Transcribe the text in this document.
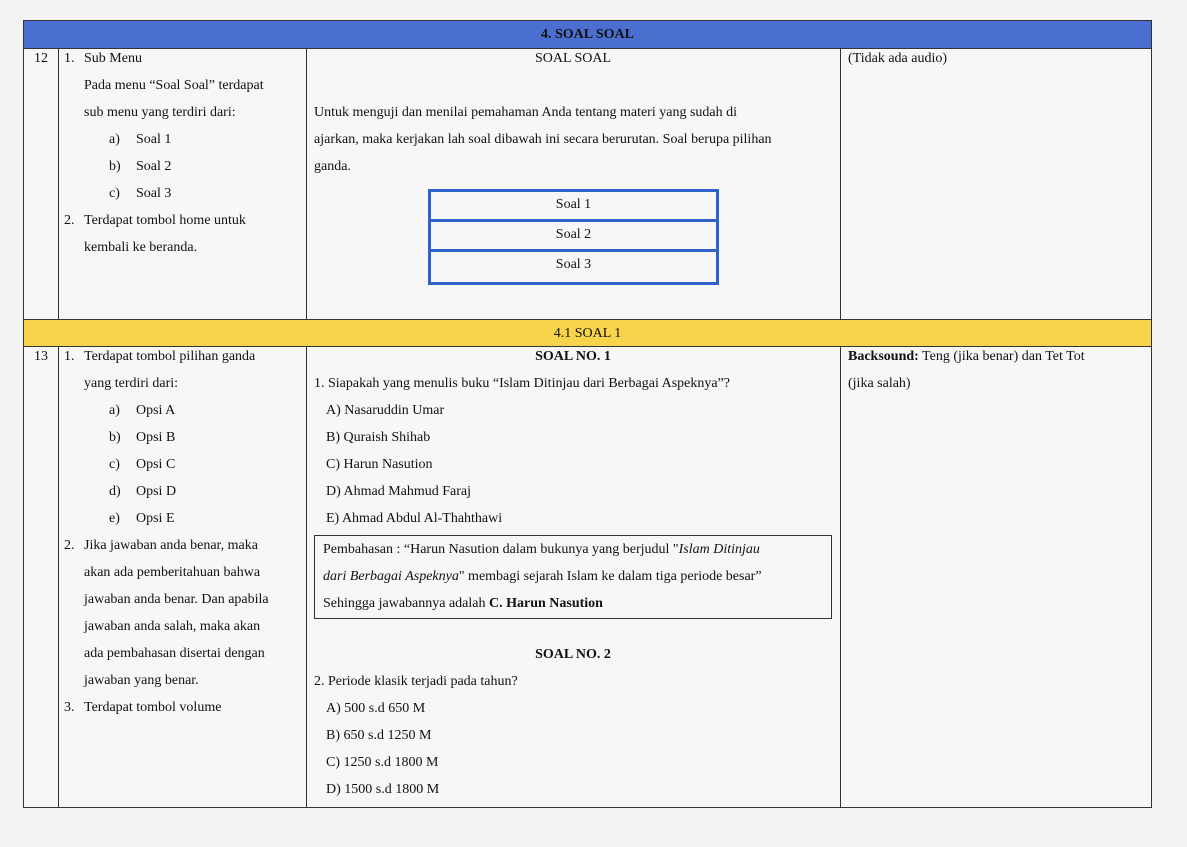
4. SOAL SOAL
12	1. Sub Menu
Pada menu “Soal Soal” terdapat
sub menu yang terdiri dari:
a) Soal 1
b) Soal 2
c) Soal 3
2. Terdapat tombol home untuk
kembali ke beranda.
SOAL SOAL
Untuk menguji dan menilai pemahaman Anda tentang materi yang sudah di
ajarkan, maka kerjakan lah soal dibawah ini secara berurutan. Soal berupa pilihan
ganda.
Soal 1
Soal 2
Soal 3
(Tidak ada audio)
4.1 SOAL 1
13	1. Terdapat tombol pilihan ganda
yang terdiri dari:
a) Opsi A
b) Opsi B
c) Opsi C
d) Opsi D
e) Opsi E
2. Jika jawaban anda benar, maka
akan ada pemberitahuan bahwa
jawaban anda benar. Dan apabila
jawaban anda salah, maka akan
ada pembahasan disertai dengan
jawaban yang benar.
3. Terdapat tombol volume
SOAL NO. 1
1. Siapakah yang menulis buku “Islam Ditinjau dari Berbagai Aspeknya”?
A) Nasaruddin Umar
B) Quraish Shihab
C) Harun Nasution
D) Ahmad Mahmud Faraj
E) Ahmad Abdul Al-Thahthawi
Pembahasan : “Harun Nasution dalam bukunya yang berjudul "Islam Ditinjau
dari Berbagai Aspeknya" membagi sejarah Islam ke dalam tiga periode besar”
Sehingga jawabannya adalah C. Harun Nasution
SOAL NO. 2
2. Periode klasik terjadi pada tahun?
A) 500 s.d 650 M
B) 650 s.d 1250 M
C) 1250 s.d 1800 M
D) 1500 s.d 1800 M
Backsound: Teng (jika benar) dan Tet Tot
(jika salah)
